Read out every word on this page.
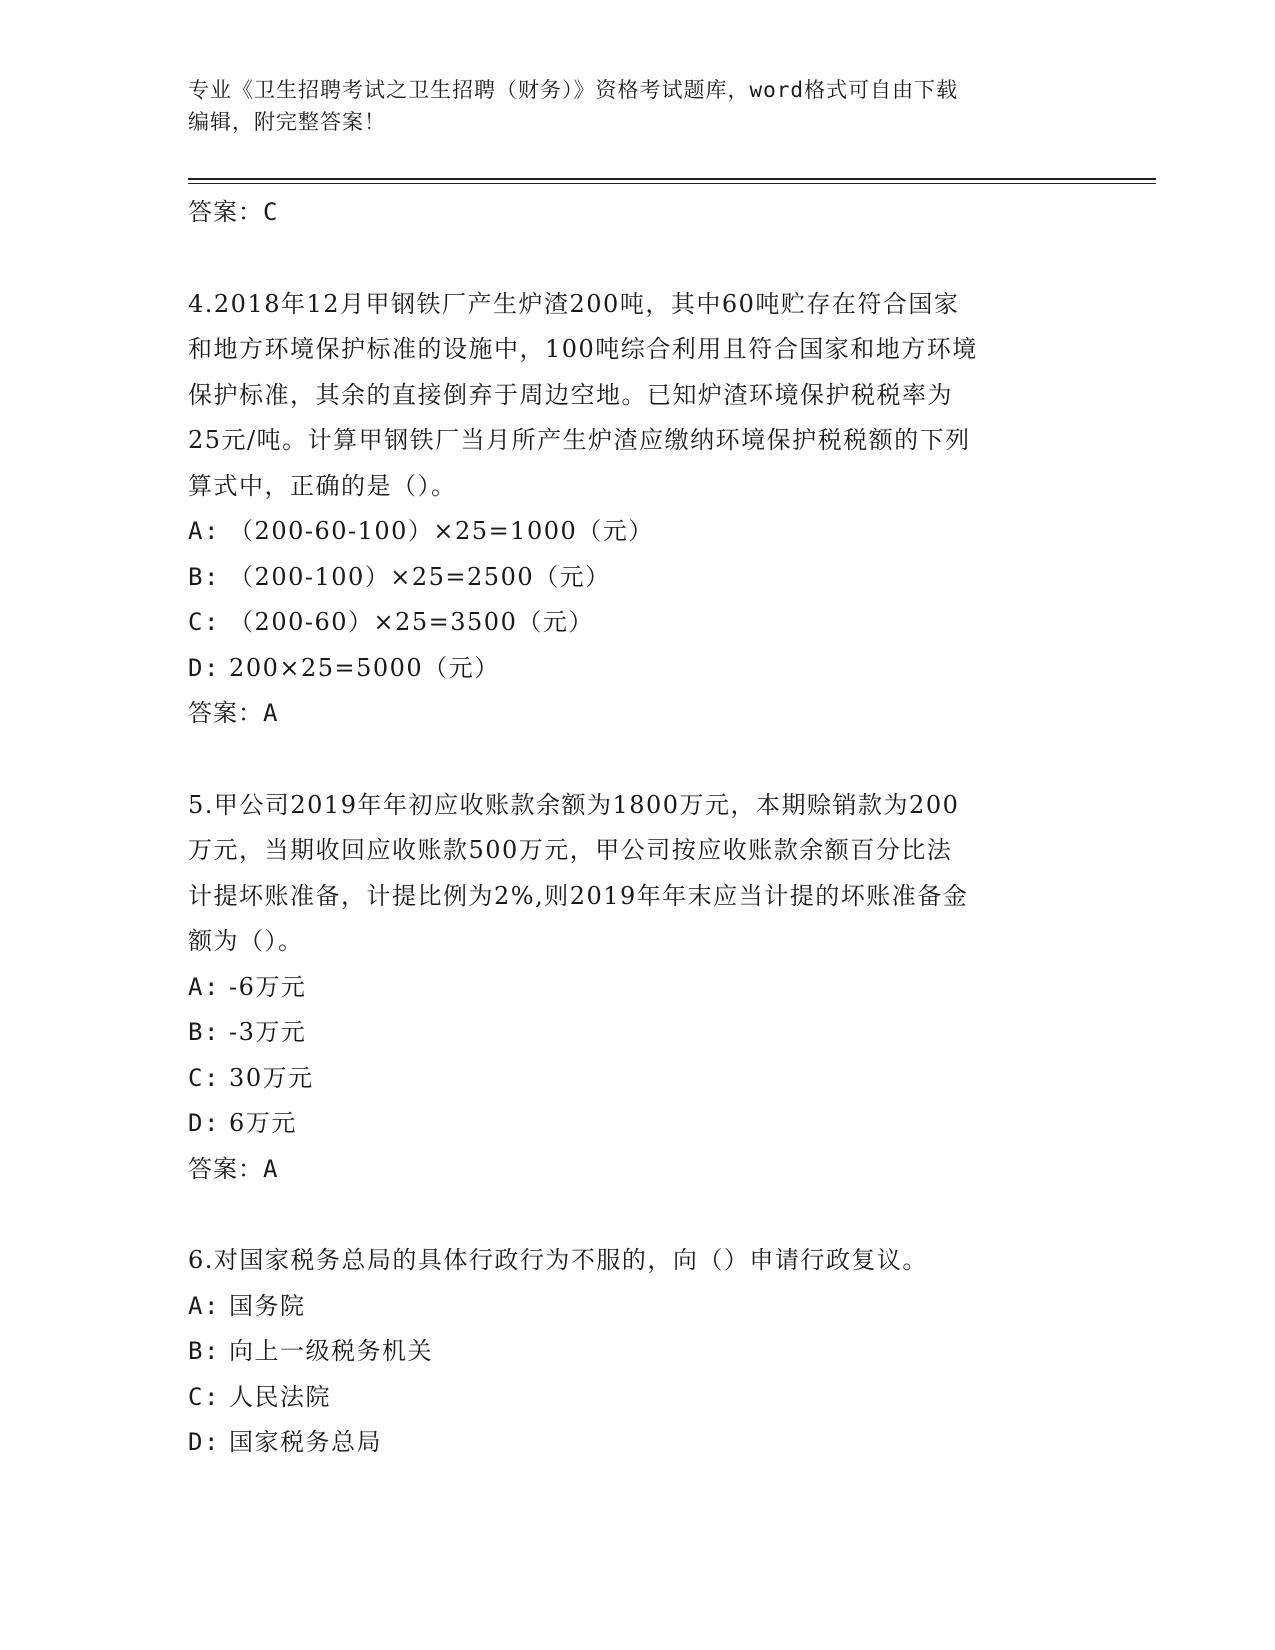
专业《卫生招聘考试之卫生招聘（财务）》资格考试题库，word格式可自由下载
编辑，附完整答案！
答案：C
4.2018年12月甲钢铁厂产生炉渣200吨，其中60吨贮存在符合国家
和地方环境保护标准的设施中，100吨综合利用且符合国家和地方环境
保护标准，其余的直接倒弃于周边空地。已知炉渣环境保护税税率为
25元/吨。计算甲钢铁厂当月所产生炉渣应缴纳环境保护税税额的下列
算式中，正确的是（）。
A: （200-60-100）×25=1000（元）
B: （200-100）×25=2500（元）
C: （200-60）×25=3500（元）
D: 200×25=5000（元）
答案：A
5.甲公司2019年年初应收账款余额为1800万元，本期赊销款为200
万元，当期收回应收账款500万元，甲公司按应收账款余额百分比法
计提坏账准备，计提比例为2%,则2019年年末应当计提的坏账准备金
额为（）。
A: -6万元
B: -3万元
C: 30万元
D: 6万元
答案：A
6.对国家税务总局的具体行政行为不服的，向（）申请行政复议。
A: 国务院
B: 向上一级税务机关
C: 人民法院
D: 国家税务总局
